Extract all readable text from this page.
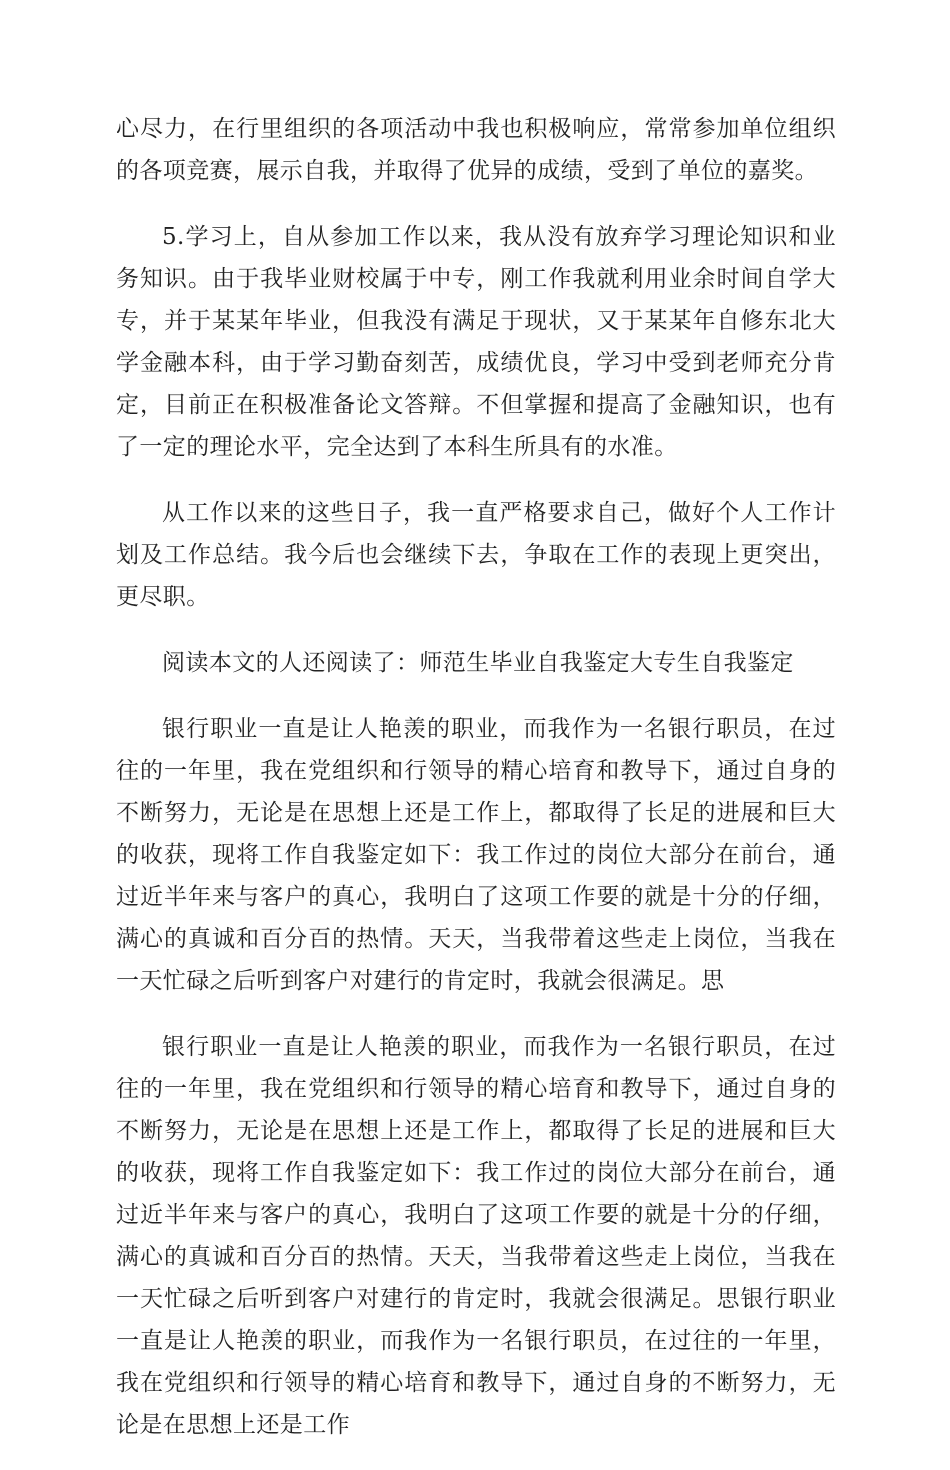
心尽力，在行里组织的各项活动中我也积极响应，常常参加单位组织的各项竞赛，展示自我，并取得了优异的成绩，受到了单位的嘉奖。

5.学习上，自从参加工作以来，我从没有放弃学习理论知识和业务知识。由于我毕业财校属于中专，刚工作我就利用业余时间自学大专，并于某某年毕业，但我没有满足于现状，又于某某年自修东北大学金融本科，由于学习勤奋刻苦，成绩优良，学习中受到老师充分肯定，目前正在积极准备论文答辩。不但掌握和提高了金融知识，也有了一定的理论水平，完全达到了本科生所具有的水准。

从工作以来的这些日子，我一直严格要求自己，做好个人工作计划及工作总结。我今后也会继续下去，争取在工作的表现上更突出，更尽职。

阅读本文的人还阅读了：师范生毕业自我鉴定大专生自我鉴定

银行职业一直是让人艳羡的职业，而我作为一名银行职员，在过往的一年里，我在党组织和行领导的精心培育和教导下，通过自身的不断努力，无论是在思想上还是工作上，都取得了长足的进展和巨大的收获，现将工作自我鉴定如下：我工作过的岗位大部分在前台，通过近半年来与客户的真心，我明白了这项工作要的就是十分的仔细，满心的真诚和百分百的热情。天天，当我带着这些走上岗位，当我在一天忙碌之后听到客户对建行的肯定时，我就会很满足。思

银行职业一直是让人艳羡的职业，而我作为一名银行职员，在过往的一年里，我在党组织和行领导的精心培育和教导下，通过自身的不断努力，无论是在思想上还是工作上，都取得了长足的进展和巨大的收获，现将工作自我鉴定如下：我工作过的岗位大部分在前台，通过近半年来与客户的真心，我明白了这项工作要的就是十分的仔细，满心的真诚和百分百的热情。天天，当我带着这些走上岗位，当我在一天忙碌之后听到客户对建行的肯定时，我就会很满足。思银行职业一直是让人艳羡的职业，而我作为一名银行职员，在过往的一年里，我在党组织和行领导的精心培育和教导下，通过自身的不断努力，无论是在思想上还是工作
